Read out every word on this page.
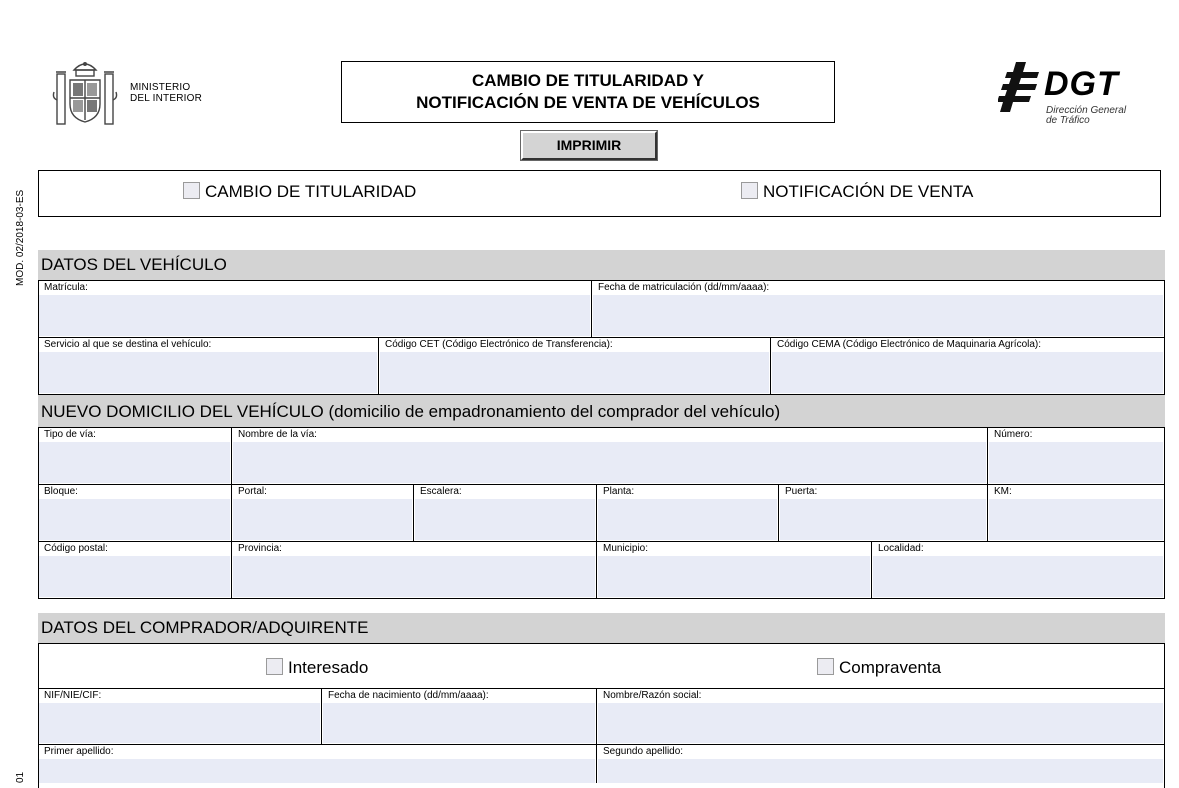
MINISTERIO
DEL INTERIOR
CAMBIO DE TITULARIDAD Y
NOTIFICACIÓN DE VENTA DE VEHÍCULOS
IMPRIMIR
DGT
Dirección General
de Tráfico
MOD. 02/2018-03-ES
01
CAMBIO DE TITULARIDAD	NOTIFICACIÓN DE VENTA
DATOS DEL VEHÍCULO
Matrícula:	Fecha de matriculación (dd/mm/aaaa):
Servicio al que se destina el vehículo:	Código CET (Código Electrónico de Transferencia):	Código CEMA (Código Electrónico de Maquinaria Agrícola):
NUEVO DOMICILIO DEL VEHÍCULO (domicilio de empadronamiento del comprador del vehículo)
Tipo de vía:	Nombre de la vía:	Número:
Bloque:	Portal:	Escalera:	Planta:	Puerta:	KM:
Código postal:	Provincia:	Municipio:	Localidad:
DATOS DEL COMPRADOR/ADQUIRENTE
Interesado	Compraventa
NIF/NIE/CIF:	Fecha de nacimiento (dd/mm/aaaa):	Nombre/Razón social:
Primer apellido:	Segundo apellido:
